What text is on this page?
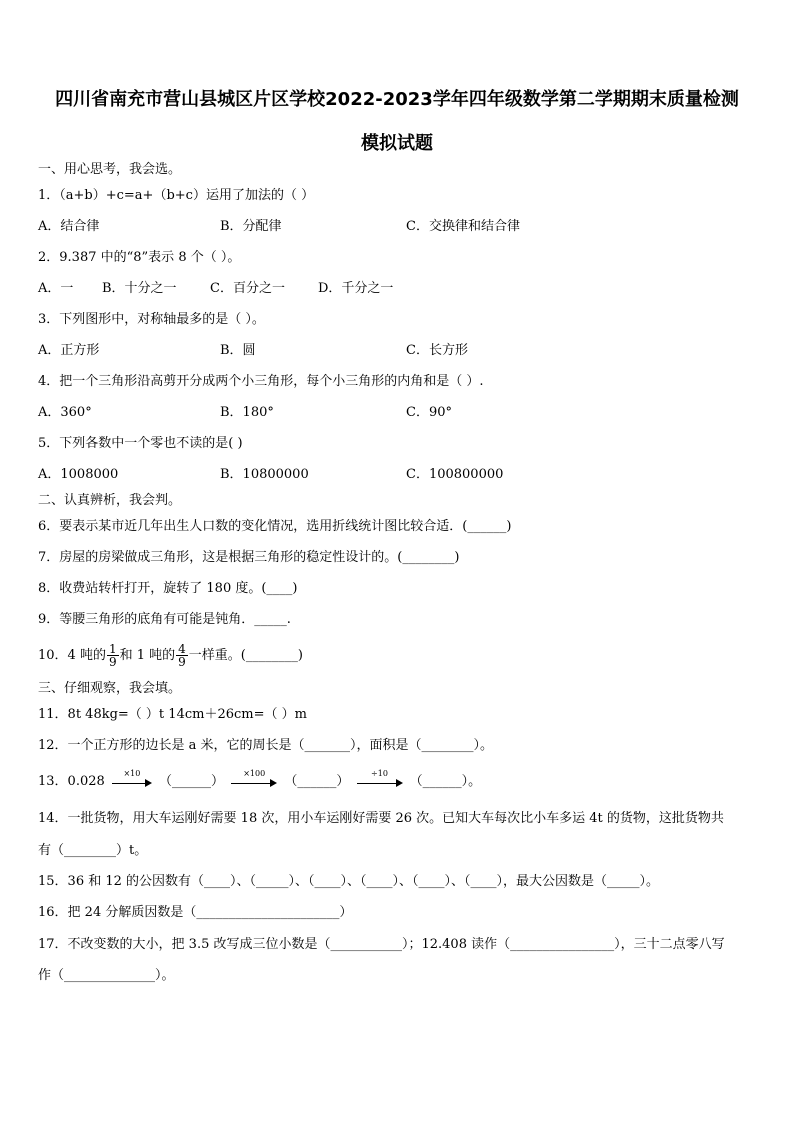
四川省南充市营山县城区片区学校2022-2023学年四年级数学第二学期期末质量检测
模拟试题
一、用心思考，我会选。
1．（a+b）+c=a+（b+c）运用了加法的（ ）
A．结合律	B．分配律	C．交换律和结合律
2．9.387 中的“8”表示 8 个（ ）。
A．一 B．十分之一	C．百分之一	D．千分之一
3．下列图形中，对称轴最多的是（ ）。
A．正方形	B．圆	C．长方形
4．把一个三角形沿高剪开分成两个小三角形，每个小三角形的内角和是（ ）.
A．360°	B．180°	C．90°
5．下列各数中一个零也不读的是( )
A．1008000	B．10800000	C．100800000
二、认真辨析，我会判。
6．要表示某市近几年出生人口数的变化情况，选用折线统计图比较合适．(______)
7．房屋的房梁做成三角形，这是根据三角形的稳定性设计的。(________)
8．收费站转杆打开，旋转了 180 度。(____)
9．等腰三角形的底角有可能是钝角．_____.
10．4 吨的 $\frac{1}{9}$ 和 1 吨的 $\frac{4}{9}$ 一样重。(________)
三、仔细观察，我会填。
11．8t 48kg=（ ）t 14cm＋26cm=（ ）m
12．一个正方形的边长是 a 米，它的周长是（_______），面积是（________）。
13．0.028
×10
（______）
×100
（______）
÷10
（______）。
14．一批货物，用大车运刚好需要 18 次，用小车运刚好需要 26 次。已知大车每次比小车多运 4t 的货物，这批货物共
有（________）t。
15．36 和 12 的公因数有（____）、（_____）、（____）、（____）、（____）、（____），最大公因数是（_____）。
16．把 24 分解质因数是（______________________）
17．不改变数的大小，把 3.5 改写成三位小数是（___________）；12.408 读作（________________），三十二点零八写
作（______________）。
